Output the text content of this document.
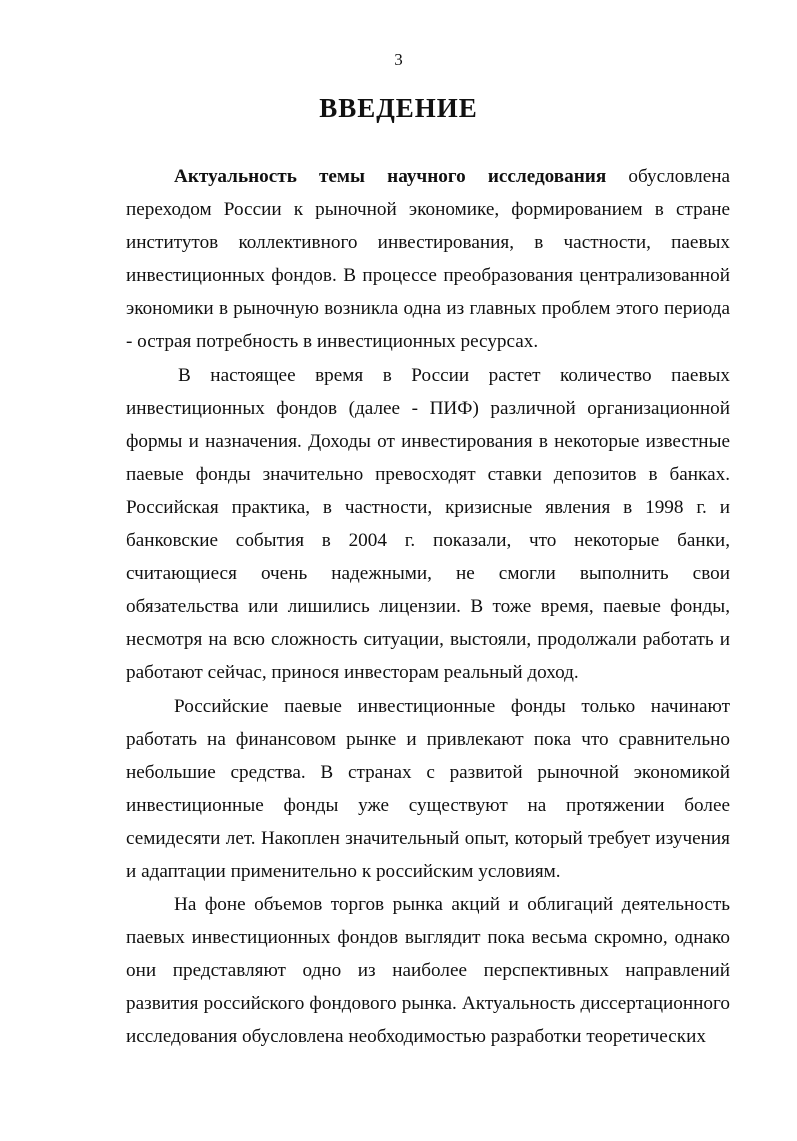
3
ВВЕДЕНИЕ

Актуальность темы научного исследования обусловлена переходом России к рыночной экономике, формированием в стране институтов коллективного инвестирования, в частности, паевых инвестиционных фондов. В процессе преобразования централизованной экономики в рыночную возникла одна из главных проблем этого периода - острая потребность в инвестиционных ресурсах.

В настоящее время в России растет количество паевых инвестиционных фондов (далее - ПИФ) различной организационной формы и назначения. Доходы от инвестирования в некоторые известные паевые фонды значительно превосходят ставки депозитов в банках. Российская практика, в частности, кризисные явления в 1998 г. и банковские события в 2004 г. показали, что некоторые банки, считающиеся очень надежными, не смогли выполнить свои обязательства или лишились лицензии. В тоже время, паевые фонды, несмотря на всю сложность ситуации, выстояли, продолжали работать и работают сейчас, принося инвесторам реальный доход.

Российские паевые инвестиционные фонды только начинают работать на финансовом рынке и привлекают пока что сравнительно небольшие средства. В странах с развитой рыночной экономикой инвестиционные фонды уже существуют на протяжении более семидесяти лет. Накоплен значительный опыт, который требует изучения и адаптации применительно к российским условиям.

На фоне объемов торгов рынка акций и облигаций деятельность паевых инвестиционных фондов выглядит пока весьма скромно, однако они представляют одно из наиболее перспективных направлений развития российского фондового рынка. Актуальность диссертационного исследования обусловлена необходимостью разработки теоретических
